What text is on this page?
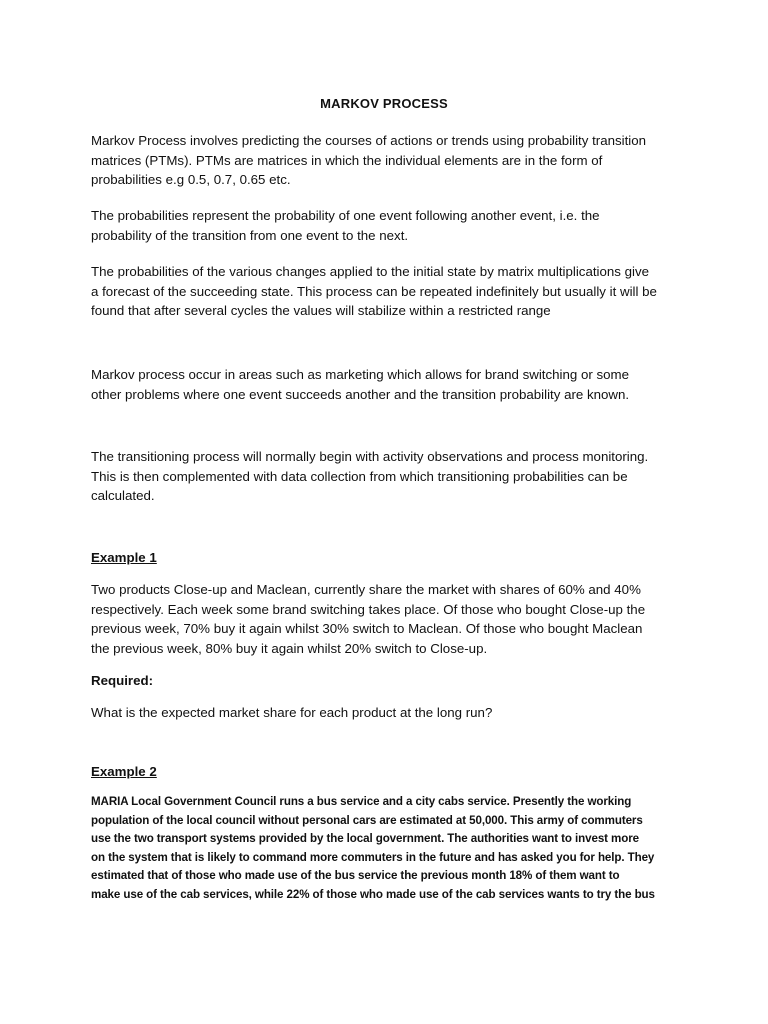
MARKOV PROCESS

Markov Process involves predicting the courses of actions or trends using probability transition
matrices (PTMs). PTMs are matrices in which the individual elements are in the form of
probabilities e.g 0.5, 0.7, 0.65 etc.

The probabilities represent the probability of one event following another event, i.e. the
probability of the transition from one event to the next.

The probabilities of the various changes applied to the initial state by matrix multiplications give
a forecast of the succeeding state. This process can be repeated indefinitely but usually it will be
found that after several cycles the values will stabilize within a restricted range

Markov process occur in areas such as marketing which allows for brand switching or some
other problems where one event succeeds another and the transition probability are known.

The transitioning process will normally begin with activity observations and process monitoring.
This is then complemented with data collection from which transitioning probabilities can be
calculated.

Example 1

Two products Close-up and Maclean, currently share the market with shares of 60% and 40%
respectively. Each week some brand switching takes place. Of those who bought Close-up the
previous week, 70% buy it again whilst 30% switch to Maclean. Of those who bought Maclean
the previous week, 80% buy it again whilst 20% switch to Close-up.

Required:

What is the expected market share for each product at the long run?

Example 2

MARIA Local Government Council runs a bus service and a city cabs service. Presently the working
population of the local council without personal cars are estimated at 50,000. This army of commuters
use the two transport systems provided by the local government. The authorities want to invest more
on the system that is likely to command more commuters in the future and has asked you for help. They
estimated that of those who made use of the bus service the previous month 18% of them want to
make use of the cab services, while 22% of those who made use of the cab services wants to try the bus
